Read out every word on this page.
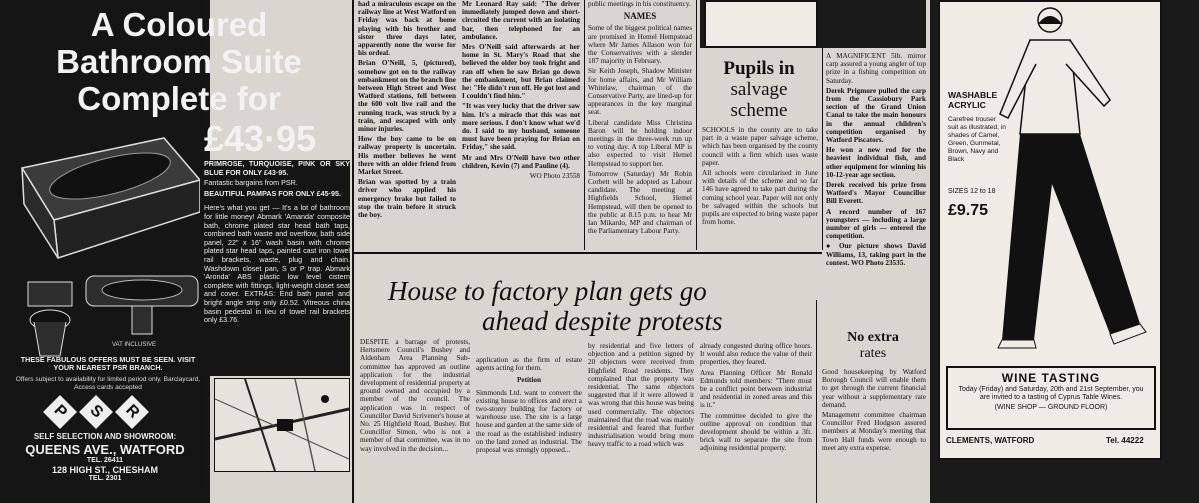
A Coloured
Bathroom Suite
Complete for
£43·95

PRIMROSE, TURQUOISE, PINK OR SKY BLUE FOR ONLY £43·95.

Fantastic bargains from PSR.

BEAUTIFUL PAMPAS FOR ONLY £45·95.

Here's what you get — It's a lot of bathroom for little money! Abmark 'Amanda' composite bath, chrome plated star head bath taps, combined bath waste and overflow, bath side panel, 22" x 16" wash basin with chrome plated star head taps, painted cast iron towel rail brackets, waste, plug and chain. Washdown closet pan, S or P trap. Abmark 'Aronda' ABS plastic low level cistern complete with fittings, light-weight closet seat and cover. EXTRAS: End bath panel and bright angle strip only £0.52. Vitreous china basin pedestal in lieu of towel rail brackets only £3.76.

VAT INCLUSIVE
THESE FABULOUS OFFERS MUST BE SEEN. VISIT YOUR NEAREST PSR BRANCH.
Offers subject to availability for limited period only. Barclaycard, Access cards accepted
P S R
SELF SELECTION AND SHOWROOM:
QUEENS AVE., WATFORD
TEL. 26411
128 HIGH ST., CHESHAM
TEL. 2301

had a miraculous escape on the railway line at West Watford on Friday was back at home playing with his brother and sister three days later, apparently none the worse for his ordeal.

Brian O'Neill, 5, (pictured), somehow got on to the railway embankment on the branch line between High Street and West Watford stations, fell between the 600 volt live rail and the running track, was struck by a train, and escaped with only minor injuries.

How the boy came to be on railway property is uncertain. His mother believes he went there with an older friend from Market Street.

Brian was spotted by a train driver who applied his emergency brake but failed to stop the train before it struck the boy.

Mr Leonard Ray said: "The driver immediately jumped down and short-circuited the current with an isolating bar, then telephoned for an ambulance.

Mrs O'Neill said afterwards at her home in St. Mary's Road that she believed the older boy took fright and ran off when he saw Brian go down the embankment, but Brian claimed he: "He didn't run off. He got lost and I couldn't find him."

"It was very lucky that the driver saw him. It's a miracle that this was not more serious. I don't know what we'd do. I said to my husband, someone must have been praying for Brian on Friday," she said.

Mr and Mrs O'Neill have two other children, Kevin (7) and Pauline (4).

WO Photo 23558

public meetings in his constituency.

NAMES

Some of the biggest political names are promised in Hemel Hempstead where Mr James Allason won for the Conservatives with a slender 187 majority in February.

Sir Keith Joseph, Shadow Minister for home affairs, and Mr William Whitelaw, chairman of the Conservative Party, are lined-up for appearances in the key marginal seat.

Liberal candidate Miss Christina Baron will be holding indoor meetings in the three-week run up to voting day. A top Liberal MP is also expected to visit Hemel Hempstead to support her.

Tomorrow (Saturday) Mr Robin Corbett will be adopted as Labour candidate. The meeting at Highfields School, Hemel Hempstead, will then be opened to the public at 8.15 p.m. to hear Mr Ian Mikardo, MP and chairman of the Parliamentary Labour Party.

Pupils in
salvage
scheme

SCHOOLS in the county are to take part in a waste paper salvage scheme, which has been organised by the county council with a firm which uses waste paper.

All schools were circularised in June with details of the scheme and so far 146 have agreed to take part during the coming school year. Paper will not only be salvaged within the schools but pupils are expected to bring waste paper from home.

A MAGNIFICENT 5lb. mirror carp assured a young angler of top prize in a fishing competition on Saturday.

Derek Prigmore pulled the carp from the Cassiobury Park section of the Grand Union Canal to take the main honours in the annual children's competition organised by Watford Piscators.

He won a new rod for the heaviest individual fish, and other equipment for winning his 10-12-year age section.

Derek received his prize from Watford's Mayor Councillor Bill Everett.

A record number of 167 youngsters — including a large number of girls — entered the competition.

● Our picture shows David Williams, 13, taking part in the contest. WO Photo 23535.

House to factory plan gets go
ahead despite protests

DESPITE a barrage of protests, Hertsmere Council's Bushey and Aldenham Area Planning Sub-committee has approved an outline application for the industrial development of residential property at ground owned and occupied by a member of the council. The application was in respect of Councillor David Scrivener's house at No. 25 Highfield Road, Bushey. But Councillor Simon, who is not a member of that committee, was in no way involved in the decision...

application as the firm of estate agents acting for them.

Petition

Simmonds Ltd. want to convert the existing house to offices and erect a two-storey building for factory or warehouse use. The site is a large house and garden at the same side of the road as the established industry on the land zoned as industrial. The proposal was strongly opposed...

by residential and five letters of objection and a petition signed by 20 objectors were received from Highfield Road residents. They complained that the property was residential. The same objectors suggested that if it were allowed it was wrong that this house was being used commercially. The objectors maintained that the road was mainly residential and feared that further industrialisation would bring more heavy traffic to a road which was

already congested during office hours. It would also reduce the value of their properties, they feared.

Area Planning Officer Mr Ronald Edmunds told members: "There must be a conflict point between industrial and residential in zoned areas and this is it."

The committee decided to give the outline approval on condition that development should be within a 3ft. brick wall to separate the site from adjoining residential property.

No extra
rates

Good housekeeping by Watford Borough Council will enable them to get through the current financial year without a supplementary rate demand.

Management committee chairman Councillor Fred Hodgson assured members at Monday's meeting that Town Hall funds were enough to meet any extra expense.

WASHABLE ACRYLIC
Carefree trouser suit as illustrated, in shades of Camel, Green, Gunmetal, Brown, Navy and Black
SIZES 12 to 18
£9.75
WINE TASTING
Today (Friday) and Saturday, 20th and 21st September, you are invited to a tasting of Cyprus Table Wines.
(WINE SHOP — GROUND FLOOR)
CLEMENTS, WATFORD	Tel. 44222
